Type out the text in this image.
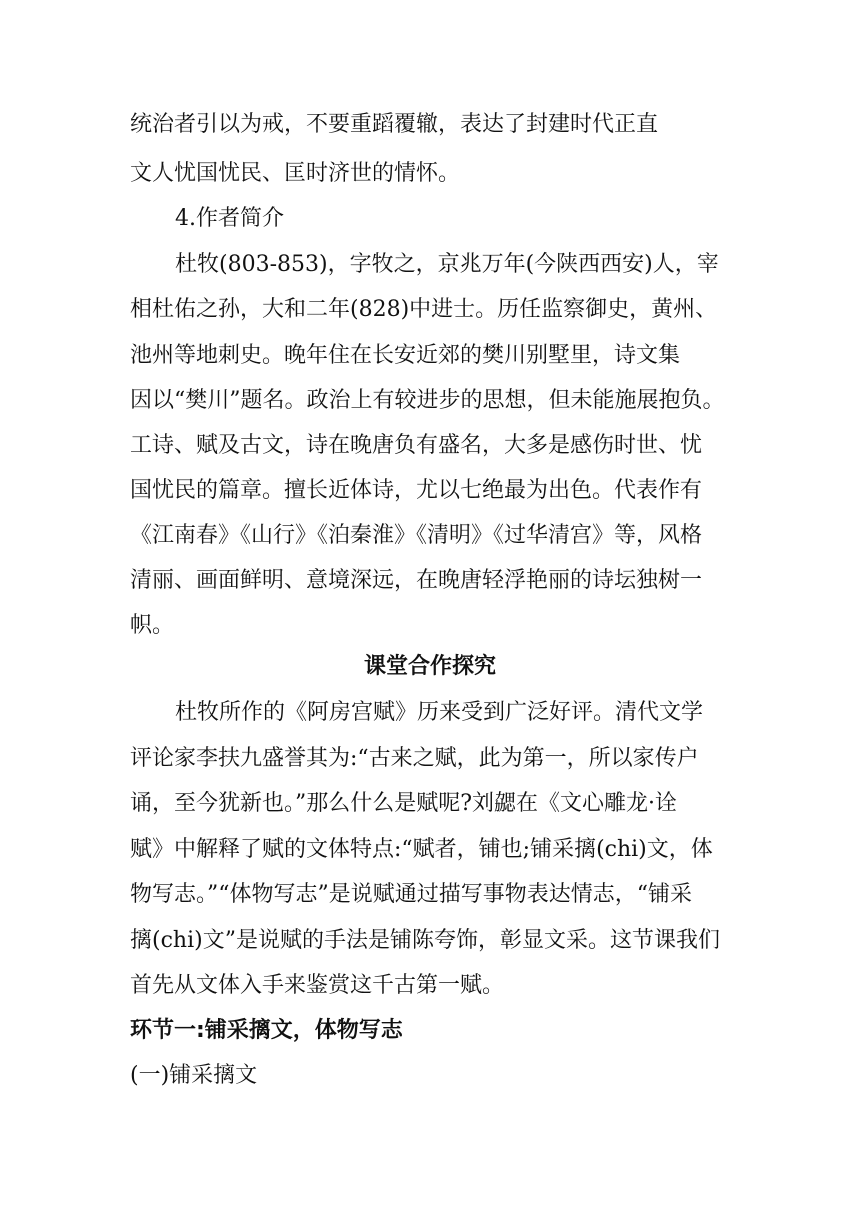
统治者引以为戒，不要重蹈覆辙，表达了封建时代正直
文人忧国忧民、匡时济世的情怀。
4.作者简介
杜牧(803-853)，字牧之，京兆万年(今陕西西安)人，宰
相杜佑之孙，大和二年(828)中进士。历任监察御史，黄州、
池州等地刺史。晚年住在长安近郊的樊川别墅里，诗文集
因以“樊川”题名。政治上有较进步的思想，但未能施展抱负。
工诗、赋及古文，诗在晚唐负有盛名，大多是感伤时世、忧
国忧民的篇章。擅长近体诗，尤以七绝最为出色。代表作有
《江南春》《山行》《泊秦淮》《清明》《过华清宫》等，风格
清丽、画面鲜明、意境深远，在晚唐轻浮艳丽的诗坛独树一
帜。
课堂合作探究
杜牧所作的《阿房宫赋》历来受到广泛好评。清代文学
评论家李扶九盛誉其为:“古来之赋，此为第一，所以家传户
诵，至今犹新也。”那么什么是赋呢?刘勰在《文心雕龙·诠
赋》中解释了赋的文体特点:“赋者，铺也;铺采摛(chi)文，体
物写志。”“体物写志”是说赋通过描写事物表达情志，“铺采
摛(chi)文”是说赋的手法是铺陈夸饰，彰显文采。这节课我们
首先从文体入手来鉴赏这千古第一赋。
环节一:铺采摛文，体物写志
(一)铺采摛文
